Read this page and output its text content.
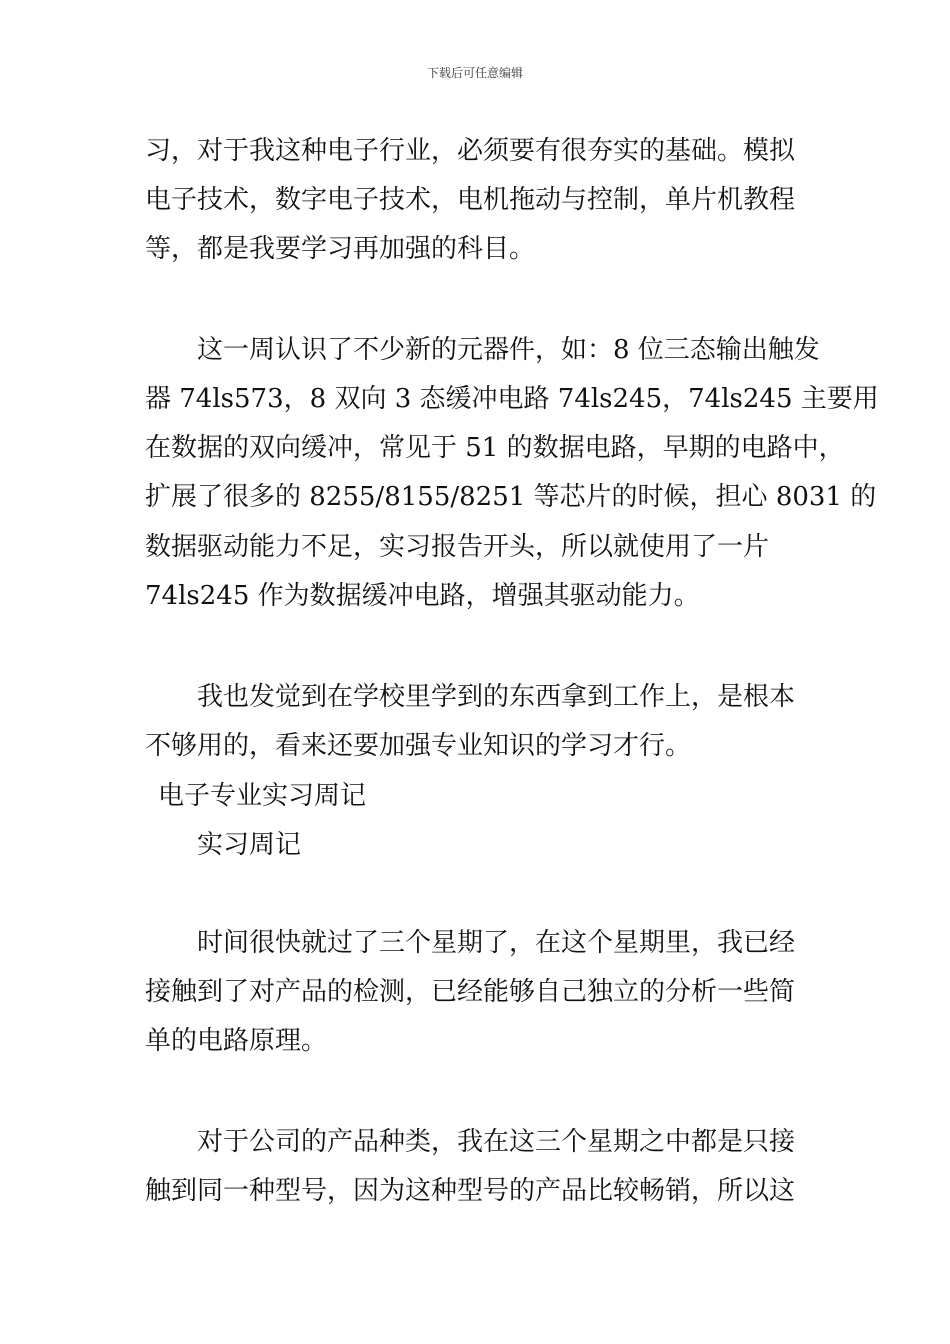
下载后可任意编辑
习，对于我这种电子行业，必须要有很夯实的基础。模拟
电子技术，数字电子技术，电机拖动与控制，单片机教程
等，都是我要学习再加强的科目。
这一周认识了不少新的元器件，如：8 位三态输出触发
器 74ls573，8 双向 3 态缓冲电路 74ls245，74ls245 主要用
在数据的双向缓冲，常见于 51 的数据电路，早期的电路中，
扩展了很多的 8255/8155/8251 等芯片的时候，担心 8031 的
数据驱动能力不足，实习报告开头，所以就使用了一片
74ls245 作为数据缓冲电路，增强其驱动能力。
我也发觉到在学校里学到的东西拿到工作上，是根本
不够用的，看来还要加强专业知识的学习才行。
电子专业实习周记
实习周记
时间很快就过了三个星期了，在这个星期里，我已经
接触到了对产品的检测，已经能够自己独立的分析一些简
单的电路原理。
对于公司的产品种类，我在这三个星期之中都是只接
触到同一种型号，因为这种型号的产品比较畅销，所以这
